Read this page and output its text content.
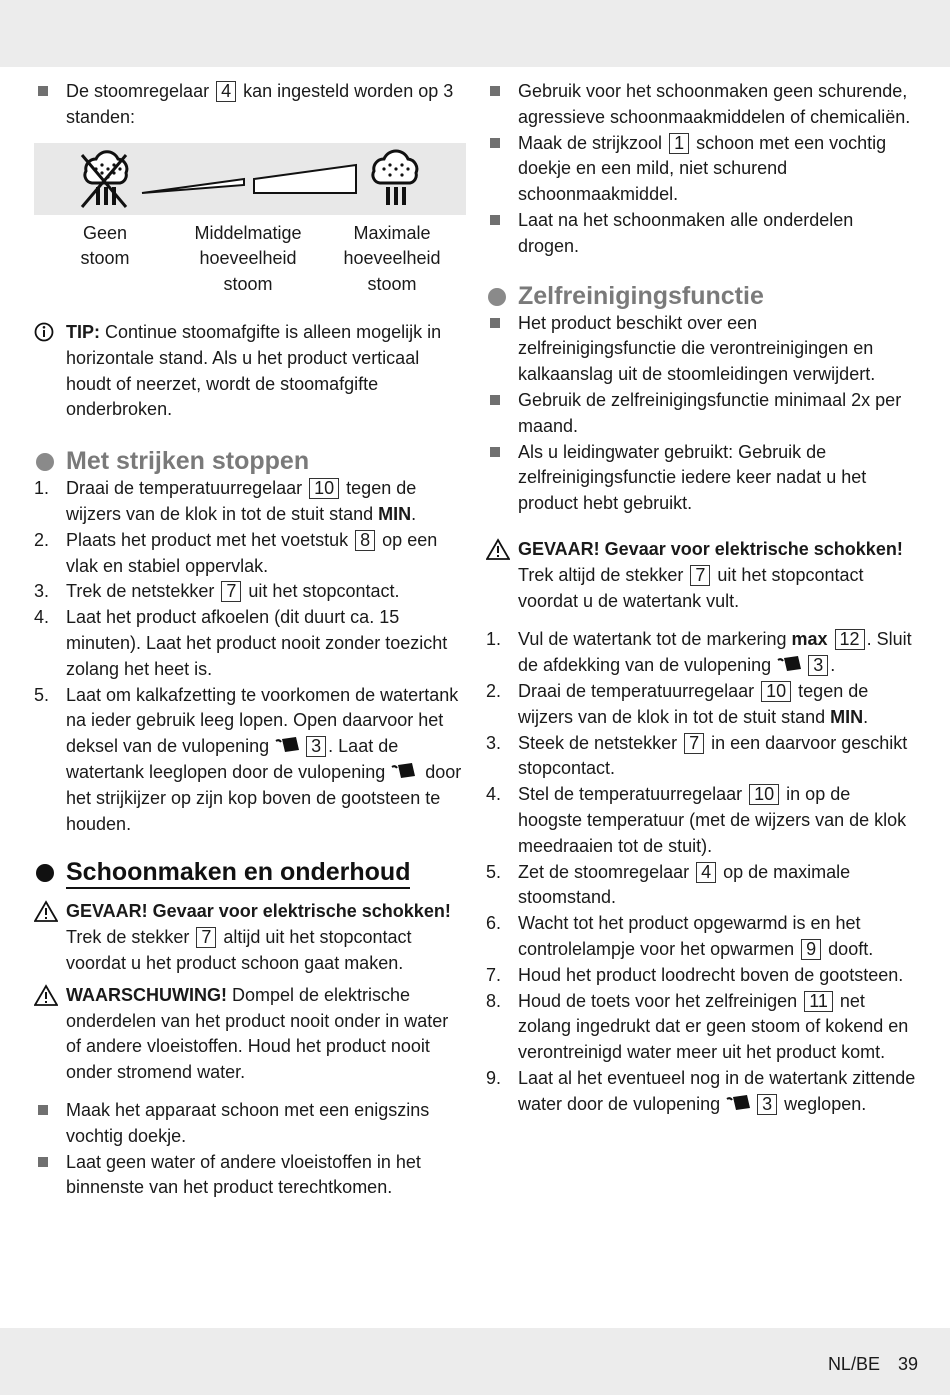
De stoomregelaar 4 kan ingesteld worden op 3 standen:
Geen
stoom
Middelmatige
hoeveelheid
stoom
Maximale
hoeveelheid
stoom
TIP: Continue stoomafgifte is alleen mogelijk in horizontale stand. Als u het product verticaal houdt of neerzet, wordt de stoomafgifte onderbroken.
Met strijken stoppen
1. Draai de temperatuurregelaar 10 tegen de wijzers van de klok in tot de stuit stand MIN.
2. Plaats het product met het voetstuk 8 op een vlak en stabiel oppervlak.
3. Trek de netstekker 7 uit het stopcontact.
4. Laat het product afkoelen (dit duurt ca. 15 minuten). Laat het product nooit zonder toezicht zolang het heet is.
5. Laat om kalkafzetting te voorkomen de watertank na ieder gebruik leeg lopen. Open daarvoor het deksel van de vulopening 3 . Laat de watertank leeglopen door de vulopening  door het strijkijzer op zijn kop boven de gootsteen te houden.
Schoonmaken en onderhoud
GEVAAR! Gevaar voor elektrische schokken! Trek de stekker 7 altijd uit het stopcontact voordat u het product schoon gaat maken.
WAARSCHUWING! Dompel de elektrische onderdelen van het product nooit onder in water of andere vloeistoffen. Houd het product nooit onder stromend water.
Maak het apparaat schoon met een enigszins vochtig doekje.
Laat geen water of andere vloeistoffen in het binnenste van het product terechtkomen.
Gebruik voor het schoonmaken geen schurende, agressieve schoonmaakmiddelen of chemicaliën.
Maak de strijkzool 1 schoon met een vochtig doekje en een mild, niet schurend schoonmaakmiddel.
Laat na het schoonmaken alle onderdelen drogen.
Zelfreinigingsfunctie
Het product beschikt over een zelfreinigingsfunctie die verontreinigingen en kalkaanslag uit de stoomleidingen verwijdert.
Gebruik de zelfreinigingsfunctie minimaal 2x per maand.
Als u leidingwater gebruikt: Gebruik de zelfreinigingsfunctie iedere keer nadat u het product hebt gebruikt.
GEVAAR! Gevaar voor elektrische schokken! Trek altijd de stekker 7 uit het stopcontact voordat u de watertank vult.
1. Vul de watertank tot de markering max 12 . Sluit de afdekking van de vulopening 3 .
2. Draai de temperatuurregelaar 10 tegen de wijzers van de klok in tot de stuit stand MIN.
3. Steek de netstekker 7 in een daarvoor geschikt stopcontact.
4. Stel de temperatuurregelaar 10 in op de hoogste temperatuur (met de wijzers van de klok meedraaien tot de stuit).
5. Zet de stoomregelaar 4 op de maximale stoomstand.
6. Wacht tot het product opgewarmd is en het controlelampje voor het opwarmen 9 dooft.
7. Houd het product loodrecht boven de gootsteen.
8. Houd de toets voor het zelfreinigen 11 net zolang ingedrukt dat er geen stoom of kokend en verontreinigd water meer uit het product komt.
9. Laat al het eventueel nog in de watertank zittende water door de vulopening 3 weglopen.
NL/BE 39
